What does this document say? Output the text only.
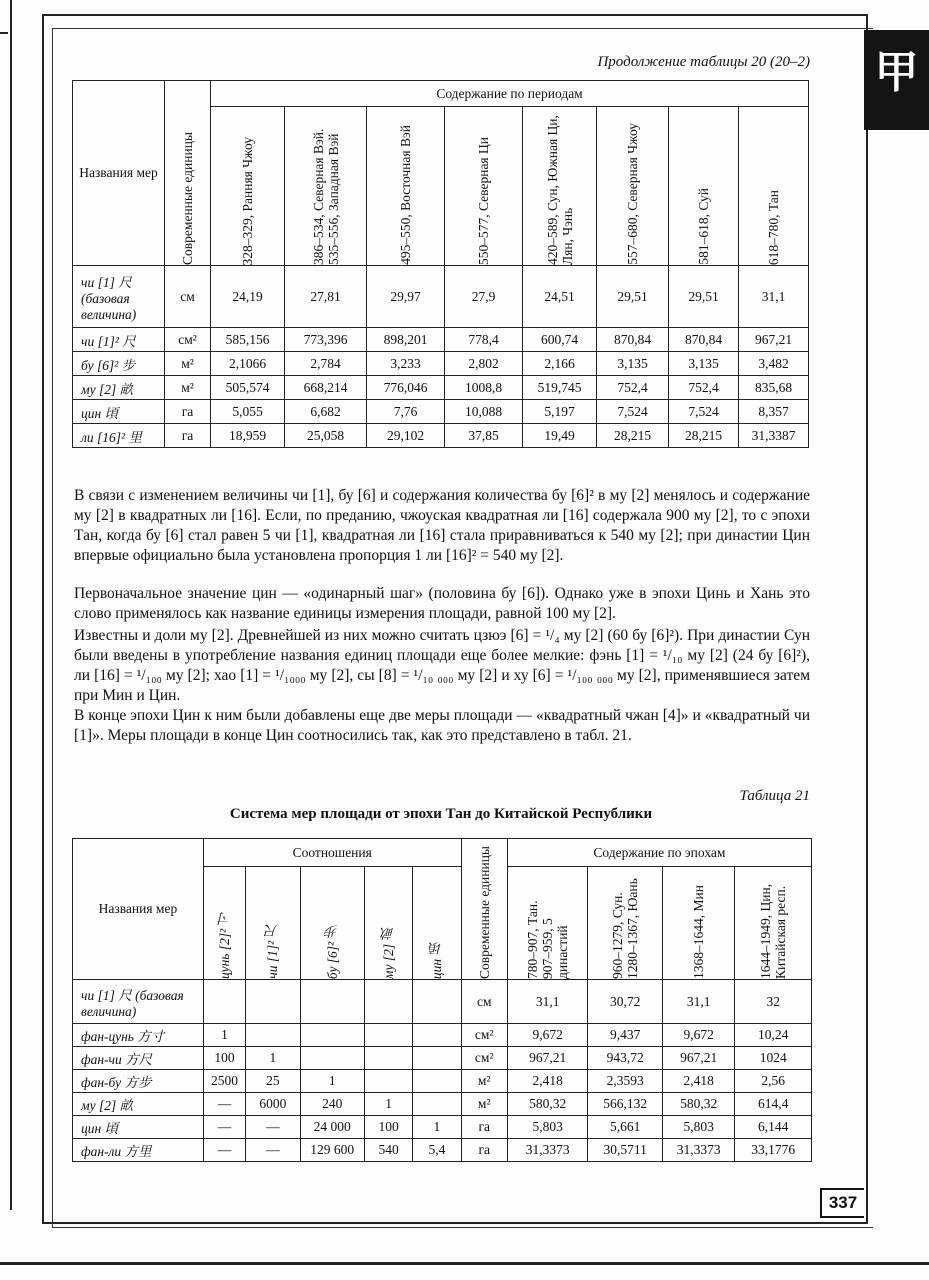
甲
Продолжение таблицы 20 (20–2)
Названия мер	Современные единицы	Содержание по периодам							

		328–329, Ранняя Чжоу	386–534, Северная Вэй. 535–556, Западная Вэй	495–550, Восточная Вэй	550–577, Северная Ци	420–589, Сун, Южная Ци, Лян, Чэнь	557–680, Северная Чжоу	581–618, Суй	618–780, Тан

чи [1] 尺 (базовая величина)	см	24,19	27,81	29,97	27,9	24,51	29,51	29,51	31,1
чи [1]² 尺	см²	585,156	773,396	898,201	778,4	600,74	870,84	870,84	967,21
бу [6]² 步	м²	2,1066	2,784	3,233	2,802	2,166	3,135	3,135	3,482
му [2] 畝	м²	505,574	668,214	776,046	1008,8	519,745	752,4	752,4	835,68
цин 頃	га	5,055	6,682	7,76	10,088	5,197	7,524	7,524	8,357
ли [16]² 里	га	18,959	25,058	29,102	37,85	19,49	28,215	28,215	31,3387
В связи с изменением величины чи [1], бу [6] и содержания количества бу [6]² в му [2] менялось и содержание му [2] в квадратных ли [16]. Если, по преданию, чжоуская квадратная ли [16] содержала 900 му [2], то с эпохи Тан, когда бу [6] стал равен 5 чи [1], квадратная ли [16] стала приравниваться к 540 му [2]; при династии Цин впервые официально была установлена пропорция 1 ли [16]² = 540 му [2].
Первоначальное значение цин — «одинарный шаг» (половина бу [6]). Однако уже в эпохи Цинь и Хань это слово применялось как название единицы измерения площади, равной 100 му [2].
Известны и доли му [2]. Древнейшей из них можно считать цзюэ [6] = ¹/₄ му [2] (60 бу [6]²). При династии Сун были введены в употребление названия единиц площади еще более мелкие: фэнь [1] = ¹/₁₀ му [2] (24 бу [6]²), ли [16] = ¹/₁₀₀ му [2]; хао [1] = ¹/₁₀₀₀ му [2], сы [8] = ¹/₁₀ ₀₀₀ му [2] и ху [6] = ¹/₁₀₀ ₀₀₀ му [2], применявшиеся затем при Мин и Цин.
В конце эпохи Цин к ним были добавлены еще две меры площади — «квадратный чжан [4]» и «квадратный чи [1]». Меры площади в конце Цин соотносились так, как это представлено в табл. 21.
Таблица 21
Система мер площади от эпохи Тан до Китайской Республики
Названия мер	Соотношения					Современные единицы	Содержание по эпохам			

	цунь [2]² 寸	чи [1]² 尺	бу [6]² 步	му [2] 畝	цин 頃		780–907, Тан. 907–959, 5 династий	960–1279, Сун. 1280–1367, Юань	1368–1644, Мин	1644–1949, Цин, Китайская респ.

чи [1] 尺 (базовая величина)						см	31,1	30,72	31,1	32
фан-цунь 方寸	1					см²	9,672	9,437	9,672	10,24
фан-чи 方尺	100	1				см²	967,21	943,72	967,21	1024
фан-бу 方步	2500	25	1			м²	2,418	2,3593	2,418	2,56
му [2] 畝	—	6000	240	1		м²	580,32	566,132	580,32	614,4
цин 頃	—	—	24 000	100	1	га	5,803	5,661	5,803	6,144
фан-ли 方里	—	—	129 600	540	5,4	га	31,3373	30,5711	31,3373	33,1776
337
